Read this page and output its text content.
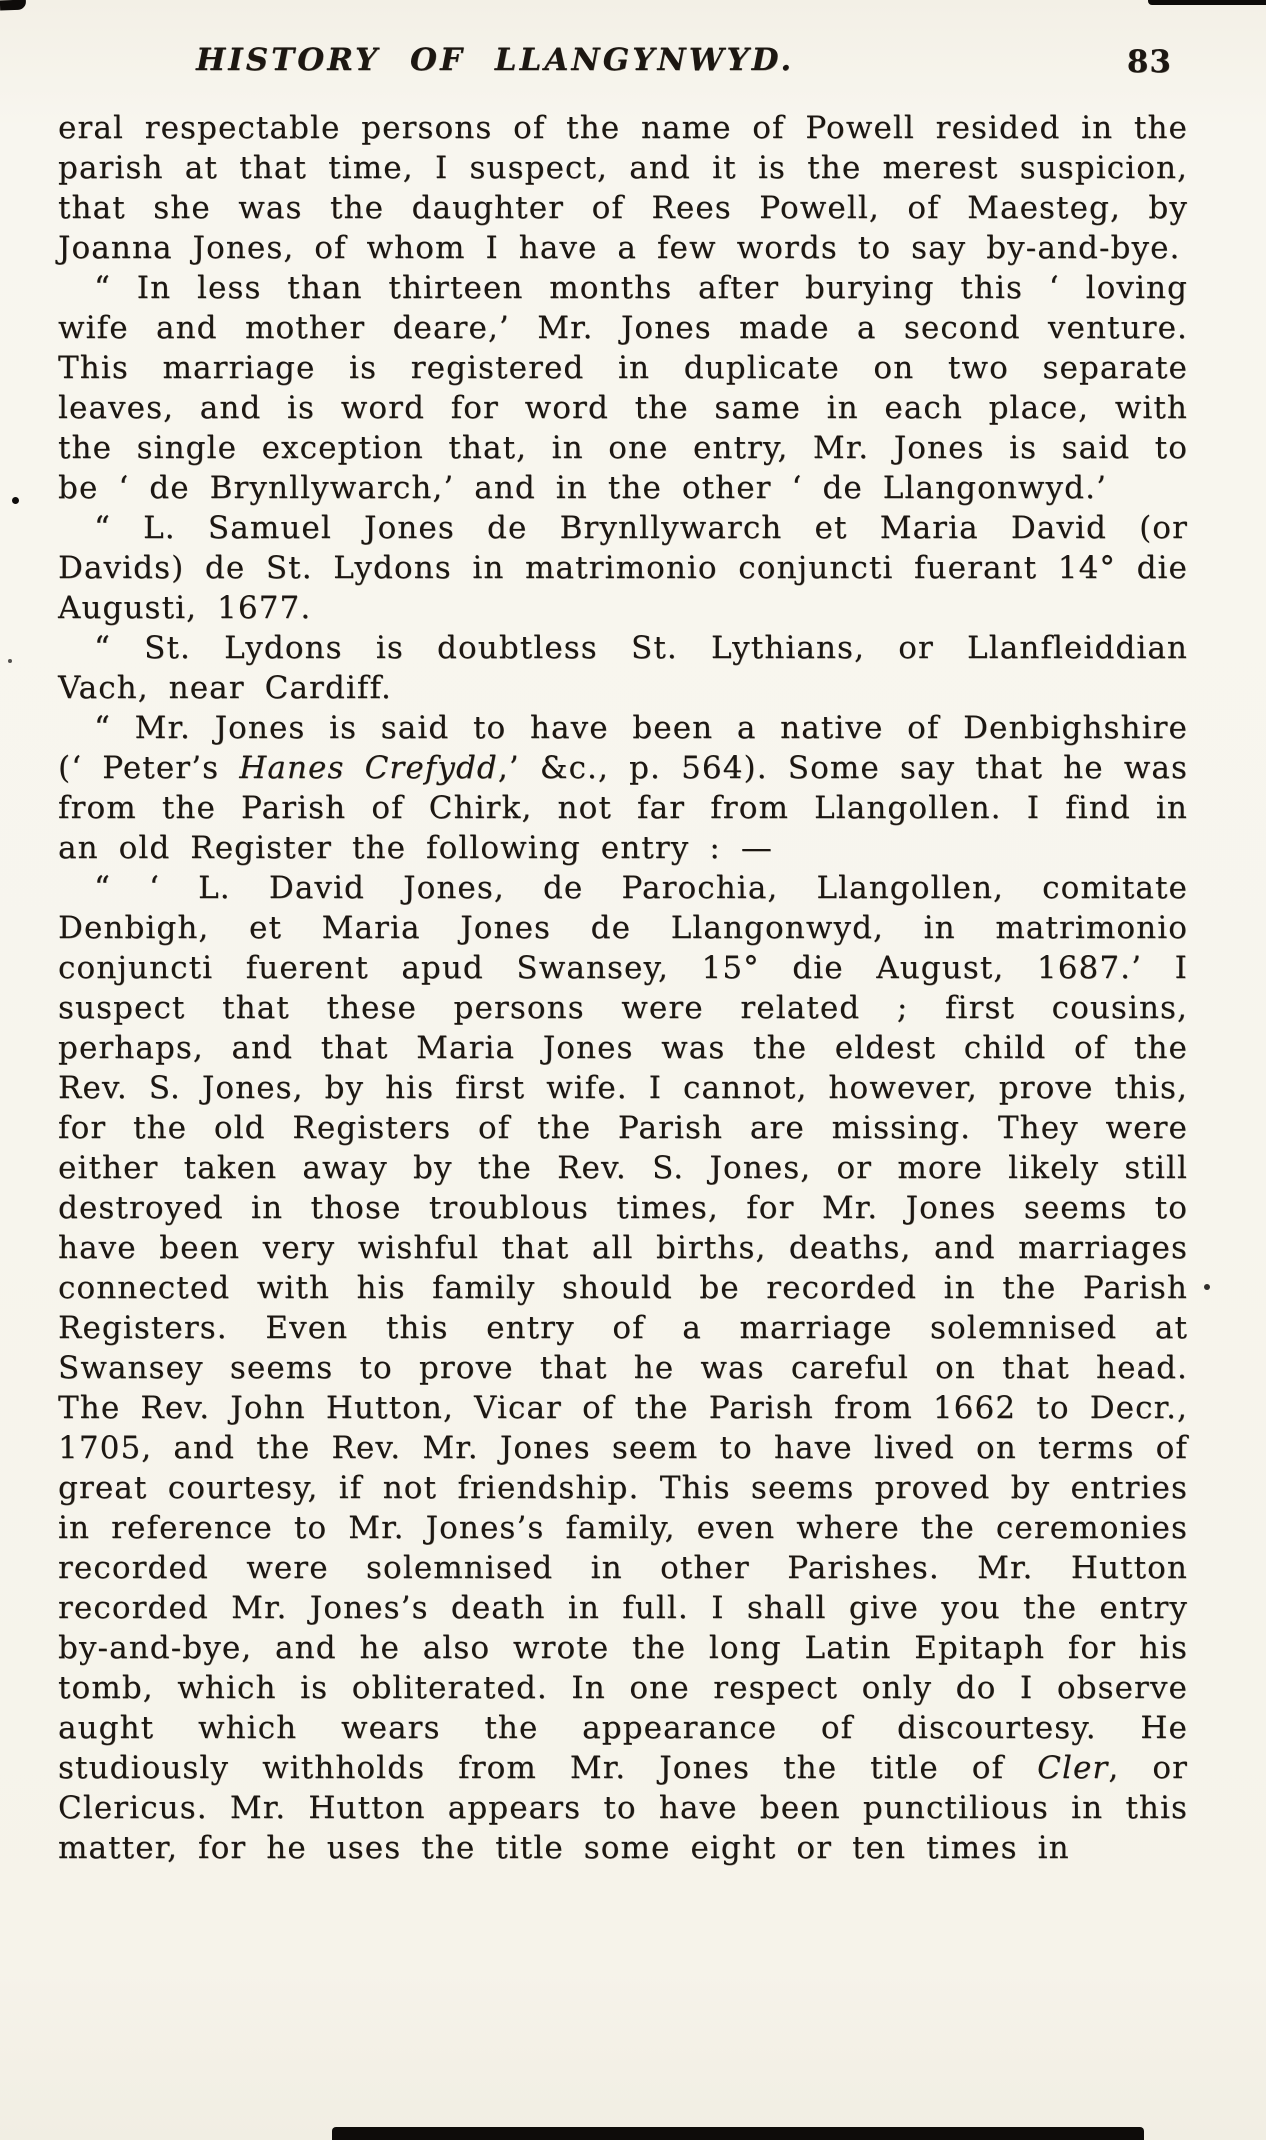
HISTORY OF LLANGYNWYD.	83

eral respectable persons of the name of Powell resided in the parish at that time, I suspect, and it is the merest suspicion, that she was the daughter of Rees Powell, of Maesteg, by Joanna Jones, of whom I have a few words to say by-and-bye.

“ In less than thirteen months after burying this ‘ loving wife and mother deare,’ Mr. Jones made a second venture. This marriage is registered in duplicate on two separate leaves, and is word for word the same in each place, with the single exception that, in one entry, Mr. Jones is said to be ‘ de Brynllywarch,’ and in the other ‘ de Llangonwyd.’

“ L. Samuel Jones de Brynllywarch et Maria David (or Davids) de St. Lydons in matrimonio conjuncti fuerant 14° die Augusti, 1677.

“ St. Lydons is doubtless St. Lythians, or Llanfleiddian Vach, near Cardiff.

“ Mr. Jones is said to have been a native of Denbighshire (‘ Peter’s Hanes Crefydd,’ &c., p. 564). Some say that he was from the Parish of Chirk, not far from Llangollen. I find in an old Register the following entry : —

“ ‘ L. David Jones, de Parochia, Llangollen, comitate Denbigh, et Maria Jones de Llangonwyd, in matrimonio conjuncti fuerent apud Swansey, 15° die August, 1687.’ I suspect that these persons were related ; first cousins, perhaps, and that Maria Jones was the eldest child of the Rev. S. Jones, by his first wife. I cannot, however, prove this, for the old Registers of the Parish are missing. They were either taken away by the Rev. S. Jones, or more likely still destroyed in those troublous times, for Mr. Jones seems to have been very wishful that all births, deaths, and marriages connected with his family should be recorded in the Parish Registers. Even this entry of a marriage solemnised at Swansey seems to prove that he was careful on that head. The Rev. John Hutton, Vicar of the Parish from 1662 to Decr., 1705, and the Rev. Mr. Jones seem to have lived on terms of great courtesy, if not friendship. This seems proved by entries in reference to Mr. Jones’s family, even where the ceremonies recorded were solemnised in other Parishes. Mr. Hutton recorded Mr. Jones’s death in full. I shall give you the entry by-and-bye, and he also wrote the long Latin Epitaph for his tomb, which is obliterated. In one respect only do I observe aught which wears the appearance of discourtesy. He studiously withholds from Mr. Jones the title of Cler, or Clericus. Mr. Hutton appears to have been punctilious in this matter, for he uses the title some eight or ten times in
